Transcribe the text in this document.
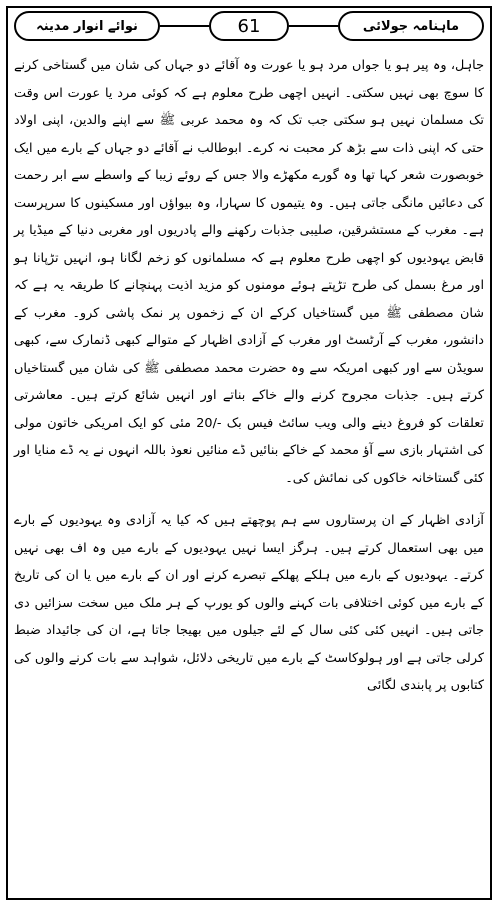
ماہنامہ جولائی
61
نوائے انوار مدینہ

جاہل، وہ پیر ہو یا جواں مرد ہو یا عورت وہ آقائے دو جہاں کی شان میں گستاخی کرنے کا سوچ بھی نہیں سکتی۔ انہیں اچھی طرح معلوم ہے کہ کوئی مرد یا عورت اس وقت تک مسلمان نہیں ہو سکتی جب تک کہ وہ محمد عربی ﷺ سے اپنے والدین، اپنی اولاد حتی کہ اپنی ذات سے بڑھ کر محبت نہ کرے۔ ابوطالب نے آقائے دو جہاں کے بارے میں ایک خوبصورت شعر کہا تھا وہ گورے مکھڑے والا جس کے روئے زیبا کے واسطے سے ابر رحمت کی دعائیں مانگی جاتی ہیں۔ وہ یتیموں کا سہارا، وہ بیواؤں اور مسکینوں کا سرپرست ہے۔ مغرب کے مستشرقین، صلیبی جذبات رکھنے والے پادریوں اور مغربی دنیا کے میڈیا پر قابض یہودیوں کو اچھی طرح معلوم ہے کہ مسلمانوں کو زخم لگانا ہو، انہیں تڑپانا ہو اور مرغ بسمل کی طرح تڑپتے ہوئے مومنوں کو مزید اذیت پہنچانے کا طریقہ یہ ہے کہ شان مصطفی ﷺ میں گستاخیاں کرکے ان کے زخموں پر نمک پاشی کرو۔ مغرب کے دانشور، مغرب کے آرٹسٹ اور مغرب کے آزادی اظہار کے متوالے کبھی ڈنمارک سے، کبھی سویڈن سے اور کبھی امریکہ سے وہ حضرت محمد مصطفی ﷺ کی شان میں گستاخیاں کرتے ہیں۔ جذبات مجروح کرنے والے خاکے بناتے اور انہیں شائع کرتے ہیں۔ معاشرتی تعلقات کو فروغ دینے والی ویب سائٹ فیس بک -/20 مئی کو ایک امریکی خاتون مولی کی اشتہار بازی سے آؤ محمد کے خاکے بنائیں ڈے منائیں نعوذ باللہ انہوں نے یہ ڈے منایا اور کئی گستاخانہ خاکوں کی نمائش کی۔

آزادی اظہار کے ان پرستاروں سے ہم پوچھتے ہیں کہ کیا یہ آزادی وہ یہودیوں کے بارے میں بھی استعمال کرتے ہیں۔ ہرگز ایسا نہیں یہودیوں کے بارے میں وہ اف بھی نہیں کرتے۔ یہودیوں کے بارے میں ہلکے پھلکے تبصرے کرنے اور ان کے بارے میں یا ان کی تاریخ کے بارے میں کوئی اختلافی بات کہنے والوں کو یورپ کے ہر ملک میں سخت سزائیں دی جاتی ہیں۔ انہیں کئی کئی سال کے لئے جیلوں میں بھیجا جاتا ہے، ان کی جائیداد ضبط کرلی جاتی ہے اور ہولوکاسٹ کے بارے میں تاریخی دلائل، شواہد سے بات کرنے والوں کی کتابوں پر پابندی لگائی
